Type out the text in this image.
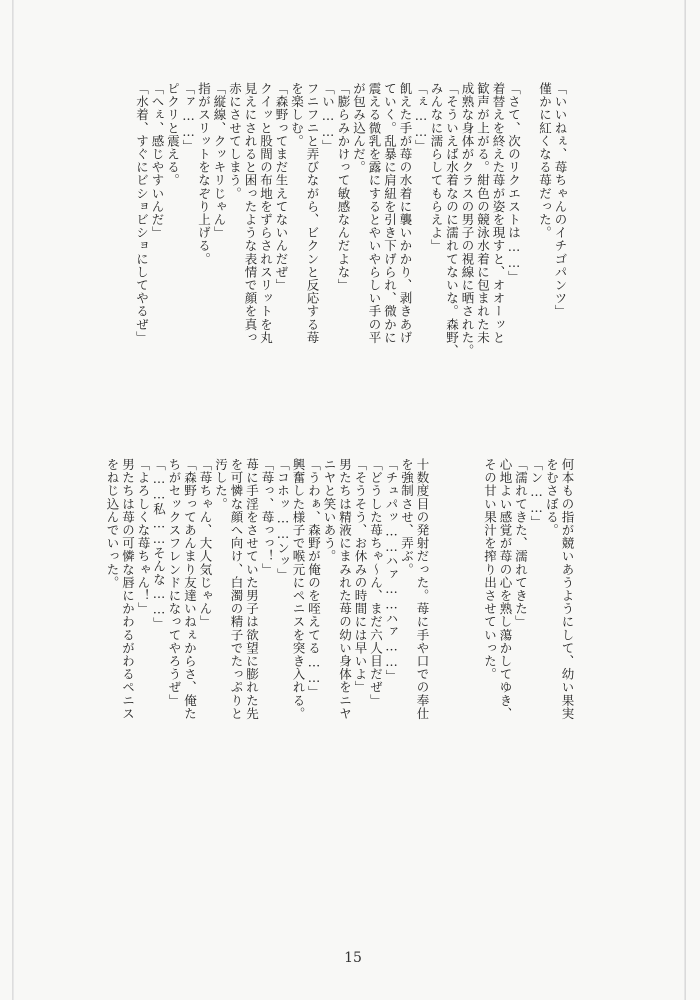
「いいねぇ、苺ちゃんのイチゴパンツ」
僅かに紅くなる苺だった。

「さて、次のリクエストは……」
着替えを終えた苺が姿を現すと、オオーッと
歓声が上がる。紺色の競泳水着に包まれた未
成熟な身体がクラスの男子の視線に晒された。
「そういえば水着なのに濡れてないな。森野、
みんなに濡らしてもらえよ」
「ぇ……」
飢えた手が苺の水着に襲いかかり、剥きあげ
ていく。乱暴に肩紐を引き下げられ、微かに
震える微乳を露にするとやいやらしい手の平
が包み込んだ。
「膨らみかけって敏感なんだよな」
「い……」
フニフニと弄びながら、ビクンと反応する苺
を楽しむ。
「森野ってまだ生えてないんだぜ」
クイッと股間の布地をずらされスリットを丸
見えにされると困ったような表情で顔を真っ
赤にさせてしまう。
「縦線、クッキリじゃん」
指がスリットをなぞり上げる。
「ァ……」
ピクリと震える。
「へぇ、感じやすいんだ」
「水着、すぐにビショビショにしてやるぜ」
何本もの指が競いあうようにして、幼い果実
をむさぼる。
「ン……」
「濡れてきた、濡れてきた」
心地よい感覚が苺の心を熟し蕩かしてゆき、
その甘い果汁を搾り出させていった。
十数度目の発射だった。苺に手や口での奉仕
を強制させ、弄ぶ。
「チュパッ……ハァ……ハァ……」
「どうした苺ちゃ～ん、まだ六人目だぜ」
「そうそう、お休みの時間には早いよ」
男たちは精液にまみれた苺の幼い身体をニヤ
ニヤと笑いあう。
「うわぁ、森野が俺のを咥えてる……」
興奮した様子で喉元にペニスを突き入れる。
「コホッ……ンッ」
「苺っ、苺っっ！」
苺に手淫をさせていた男子は欲望に膨れた先
を可憐な顔へ向け、白濁の精子でたっぷりと
汚した。
「苺ちゃん、大人気じゃん」
「森野ってあんまり友達いねぇからさ、俺た
ちがセックスフレンドになってやろうぜ」
「……私……そんな……」
「よろしくな苺ちゃん！」
男たちは苺の可憐な唇にかわるがわるペニス
をねじ込んでいった。
15
